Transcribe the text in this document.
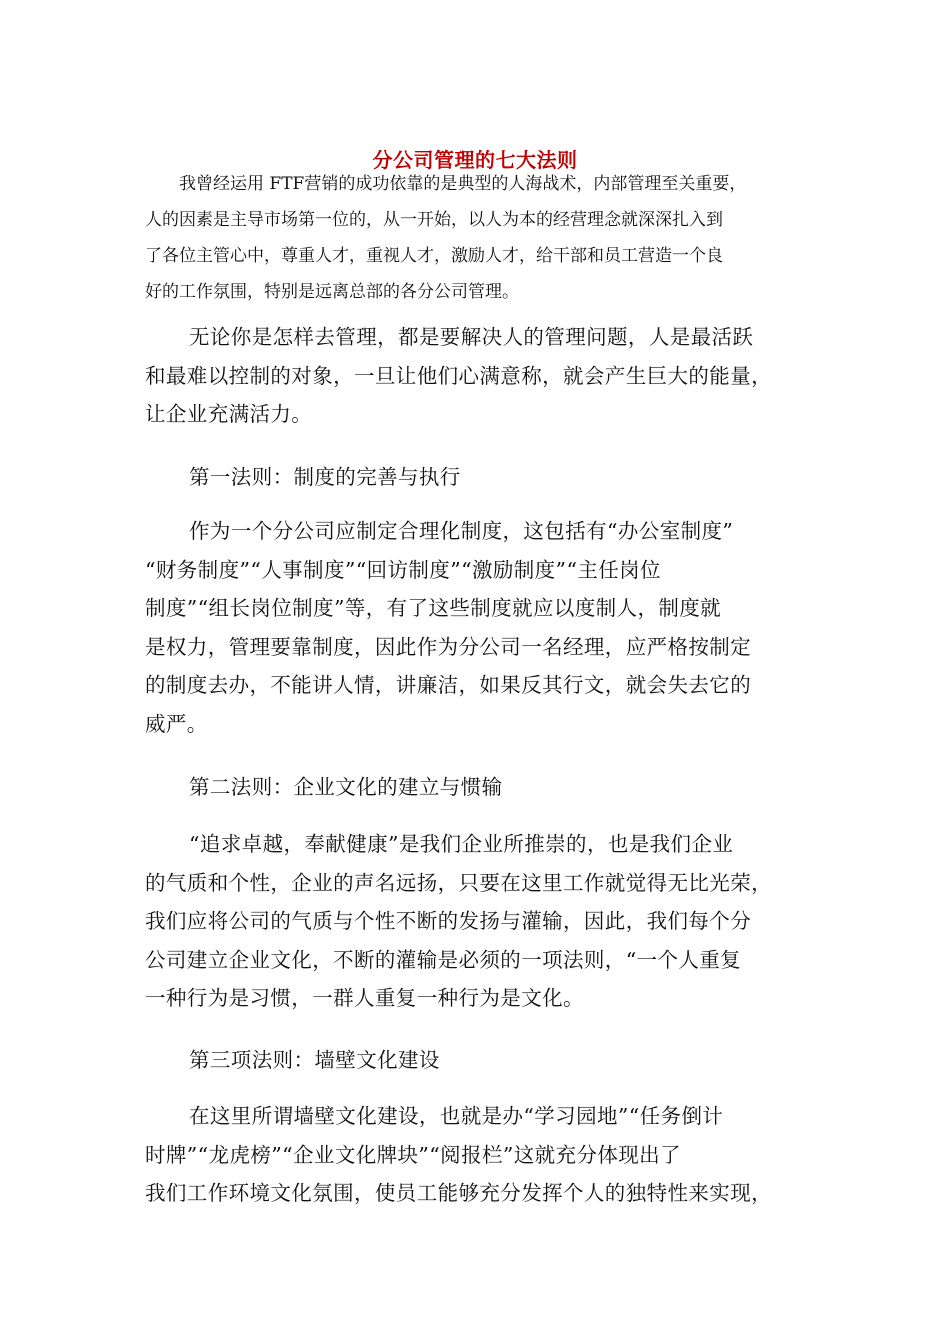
分公司管理的七大法则
我曾经运用 FTF营销的成功依靠的是典型的人海战术，内部管理至关重要，
人的因素是主导市场第一位的，从一开始，以人为本的经营理念就深深扎入到
了各位主管心中，尊重人才，重视人才，激励人才，给干部和员工营造一个良
好的工作氛围，特别是远离总部的各分公司管理。
无论你是怎样去管理，都是要解决人的管理问题，人是最活跃
和最难以控制的对象，一旦让他们心满意称，就会产生巨大的能量，
让企业充满活力。
第一法则：制度的完善与执行
作为一个分公司应制定合理化制度，这包括有“办公室制度”
“财务制度”“人事制度”“回访制度”“激励制度”“主任岗位
制度”“组长岗位制度”等，有了这些制度就应以度制人，制度就
是权力，管理要靠制度，因此作为分公司一名经理，应严格按制定
的制度去办，不能讲人情，讲廉洁，如果反其行文，就会失去它的
威严。
第二法则：企业文化的建立与惯输
“追求卓越，奉献健康”是我们企业所推崇的，也是我们企业
的气质和个性，企业的声名远扬，只要在这里工作就觉得无比光荣，
我们应将公司的气质与个性不断的发扬与灌输，因此，我们每个分
公司建立企业文化，不断的灌输是必须的一项法则，“一个人重复
一种行为是习惯，一群人重复一种行为是文化。
第三项法则：墙壁文化建设
在这里所谓墙壁文化建设，也就是办“学习园地”“任务倒计
时牌”“龙虎榜”“企业文化牌块”“阅报栏”这就充分体现出了
我们工作环境文化氛围，使员工能够充分发挥个人的独特性来实现，
